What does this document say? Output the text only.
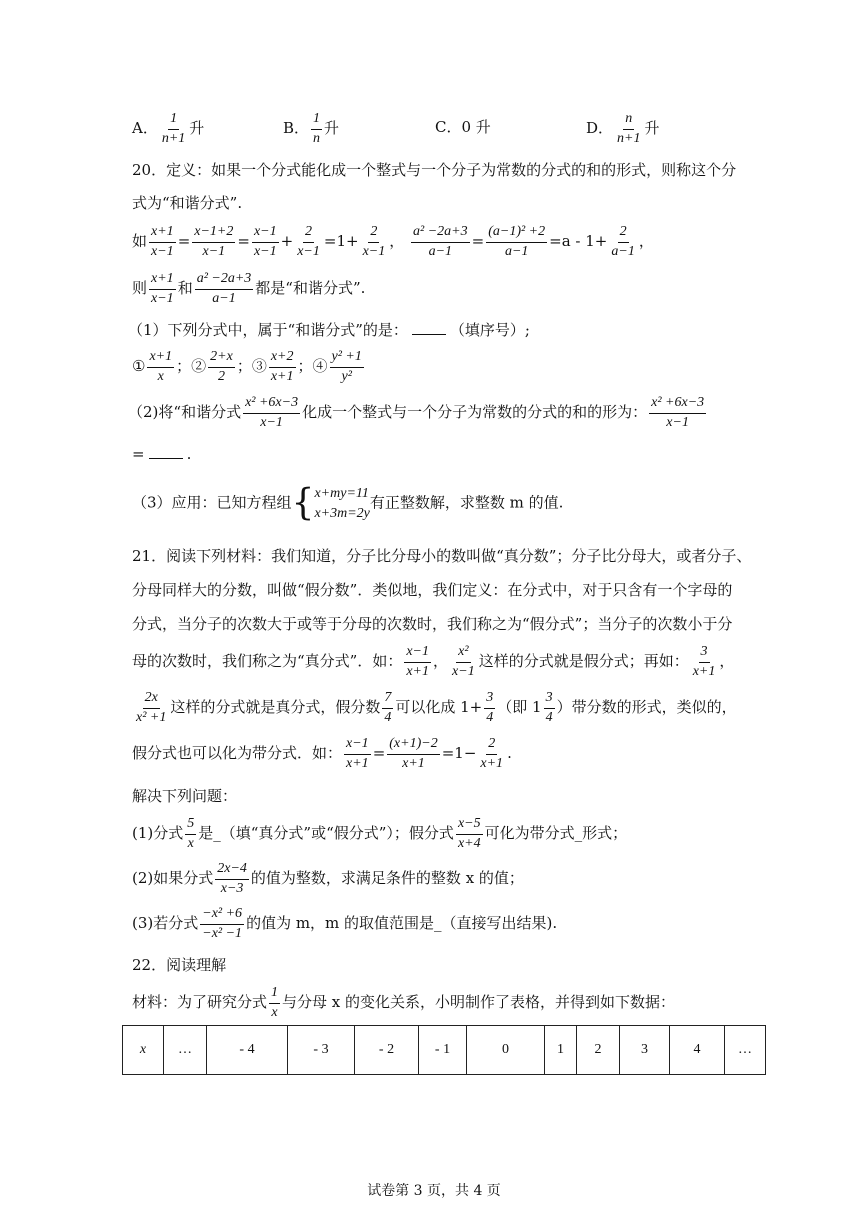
A． $\frac{1}{n+1}$ 升	B． $\frac{1}{n}$ 升	C．0 升	D． $\frac{n}{n+1}$ 升
20．定义：如果一个分式能化成一个整式与一个分子为常数的分式的和的形式，则称这个分
式为“和谐分式”.
如 $\frac{x+1}{x-1} = \frac{x-1+2}{x-1} = \frac{x-1}{x-1} + \frac{2}{x-1} =1+ \frac{2}{x-1}$ ， $\frac{\text{a² −2a+3}}{a-1} = \frac{\text{(a−1)² +2}}{a-1} =a - 1+ \frac{2}{a-1}$ ，
则 $\frac{x+1}{x-1}$ 和 $\frac{\text{a² −2a+3}}{a-1}$ 都是“和谐分式”.
（1）下列分式中，属于“和谐分式”的是：	（填序号）;
① $\frac{x+1}{x}$ ；② $\frac{2+x}{2}$ ；③ $\frac{x+2}{x+1}$ ；④ $\frac{\text{y² +1}}{\text{y²}}$
（2)将“和谐分式 $\frac{\text{x² +6x−3}}{x-1}$ 化成一个整式与一个分子为常数的分式的和的形为： $\frac{\text{x² +6x−3}}{x-1}$
=	.
（3）应用：已知方程组{ x+my=11
x+3m=2y
有正整数解，求整数 m 的值.
21．阅读下列材料：我们知道，分子比分母小的数叫做“真分数”；分子比分母大，或者分子、
分母同样大的分数，叫做“假分数”．类似地，我们定义：在分式中，对于只含有一个字母的
分式，当分子的次数大于或等于分母的次数时，我们称之为“假分式”；当分子的次数小于分
母的次数时，我们称之为“真分式”．如： $\frac{x-1}{x+1}$ ， $\frac{\text{x²}}{x-1}$ 这样的分式就是假分式；再如： $\frac{3}{x+1}$ ，
$\frac{2x}{\text{x² +1}}$ 这样的分式就是真分式，假分数 $\frac{7}{4}$ 可以化成 $1+ \frac{3}{4}$ （即 $1 \frac{3}{4}$ ）带分数的形式，类似的，
假分式也可以化为带分式．如： $\frac{x-1}{x+1} = \frac{(x+1)-2}{x+1} =1- \frac{2}{x+1}$ .
解决下列问题：
(1)分式 $\frac{5}{x}$ 是_（填“真分式”或“假分式”）；假分式 $\frac{x-5}{x+4}$ 可化为带分式_形式；
(2)如果分式 $\frac{2x-4}{x-3}$ 的值为整数，求满足条件的整数 x 的值；
(3)若分式 $\frac{\text{−x² +6}}{\text{−x² −1}}$ 的值为 m，m 的取值范围是_（直接写出结果).
22．阅读理解
材料：为了研究分式 $\frac{1}{x}$ 与分母 x 的变化关系，小明制作了表格，并得到如下数据：
x	…	- 4	- 3	- 2	- 1	0	1	2	3	4	…
试卷第 3 页，共 4 页
